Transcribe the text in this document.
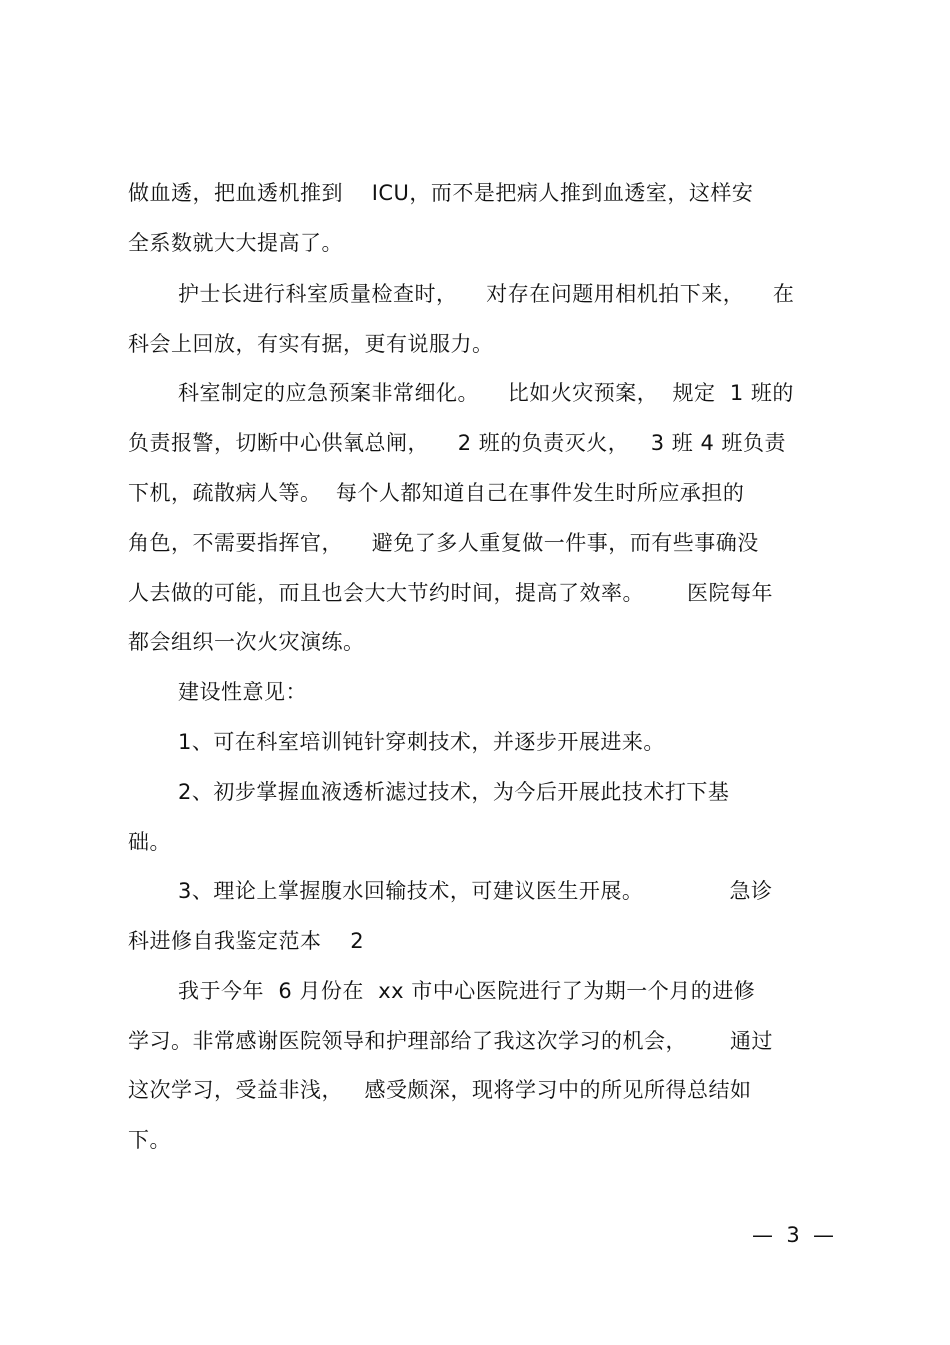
做血透，把血透机推到    ICU，而不是把病人推到血透室，这样安
全系数就大大提高了。
护士长进行科室质量检查时，    对存在问题用相机拍下来，    在
科会上回放，有实有据，更有说服力。
科室制定的应急预案非常细化。    比如火灾预案，  规定  1 班的
负责报警，切断中心供氧总闸，    2 班的负责灭火，   3 班 4 班负责
下机，疏散病人等。  每个人都知道自己在事件发生时所应承担的
角色，不需要指挥官，    避免了多人重复做一件事，而有些事确没
人去做的可能，而且也会大大节约时间，提高了效率。      医院每年
都会组织一次火灾演练。
建设性意见：
1、可在科室培训钝针穿刺技术，并逐步开展进来。
2、初步掌握血液透析滤过技术，为今后开展此技术打下基
础。
3、理论上掌握腹水回输技术，可建议医生开展。            急诊
科进修自我鉴定范本    2
我于今年  6 月份在  xx 市中心医院进行了为期一个月的进修
学习。非常感谢医院领导和护理部给了我这次学习的机会，      通过
这次学习，受益非浅，   感受颇深，现将学习中的所见所得总结如
下。
—  3  —
